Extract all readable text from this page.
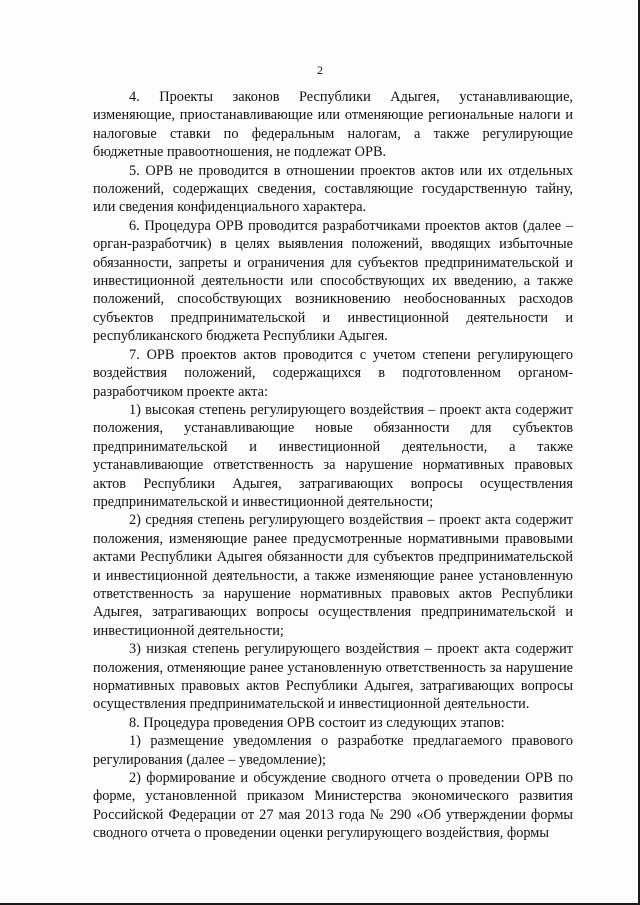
2

4. Проекты законов Республики Адыгея, устанавливающие, изменяющие, приостанавливающие или отменяющие региональные налоги и налоговые ставки по федеральным налогам, а также регулирующие бюджетные правоотношения, не подлежат ОРВ.

5. ОРВ не проводится в отношении проектов актов или их отдельных положений, содержащих сведения, составляющие государственную тайну, или сведения конфиденциального характера.

6. Процедура ОРВ проводится разработчиками проектов актов (далее – орган-разработчик) в целях выявления положений, вводящих избыточные обязанности, запреты и ограничения для субъектов предпринимательской и инвестиционной деятельности или способствующих их введению, а также положений, способствующих возникновению необоснованных расходов субъектов предпринимательской и инвестиционной деятельности и республиканского бюджета Республики Адыгея.

7. ОРВ проектов актов проводится с учетом степени регулирующего воздействия положений, содержащихся в подготовленном органом-разработчиком проекте акта:

1) высокая степень регулирующего воздействия – проект акта содержит положения, устанавливающие новые обязанности для субъектов предпринимательской и инвестиционной деятельности, а также устанавливающие ответственность за нарушение нормативных правовых актов Республики Адыгея, затрагивающих вопросы осуществления предпринимательской и инвестиционной деятельности;

2) средняя степень регулирующего воздействия – проект акта содержит положения, изменяющие ранее предусмотренные нормативными правовыми актами Республики Адыгея обязанности для субъектов предпринимательской и инвестиционной деятельности, а также изменяющие ранее установленную ответственность за нарушение нормативных правовых актов Республики Адыгея, затрагивающих вопросы осуществления предпринимательской и инвестиционной деятельности;

3) низкая степень регулирующего воздействия – проект акта содержит положения, отменяющие ранее установленную ответственность за нарушение нормативных правовых актов Республики Адыгея, затрагивающих вопросы осуществления предпринимательской и инвестиционной деятельности.

8. Процедура проведения ОРВ состоит из следующих этапов:

1) размещение уведомления о разработке предлагаемого правового регулирования (далее – уведомление);

2) формирование и обсуждение сводного отчета о проведении ОРВ по форме, установленной приказом Министерства экономического развития Российской Федерации от 27 мая 2013 года № 290 «Об утверждении формы сводного отчета о проведении оценки регулирующего воздействия, формы
